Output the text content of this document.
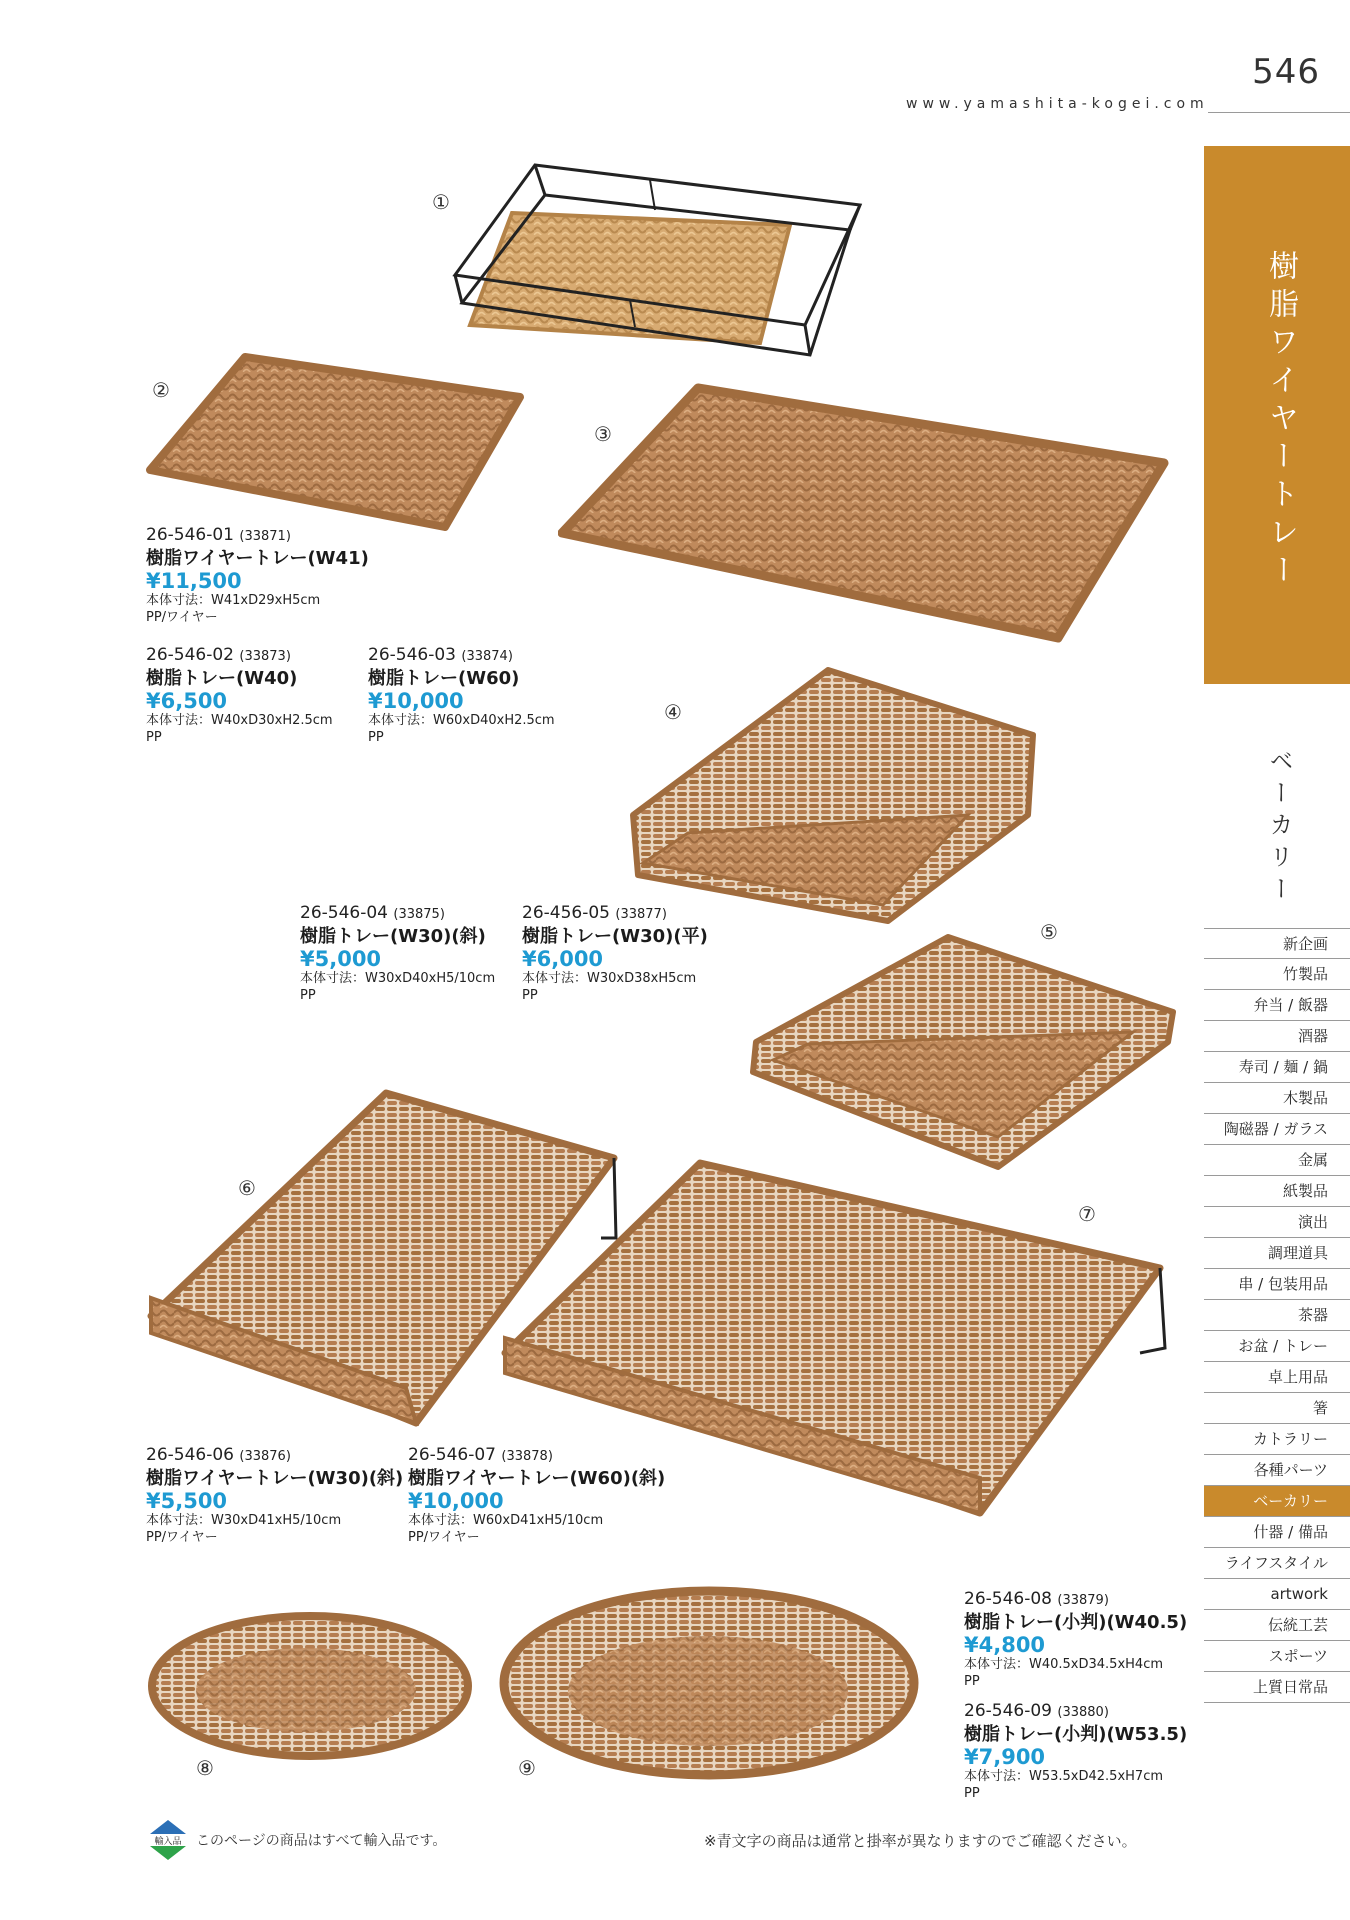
546
www.yamashita-kogei.com
樹脂ワイヤートレー
ベーカリー
新企画
竹製品
弁当 / 飯器
酒器
寿司 / 麺 / 鍋
木製品
陶磁器 / ガラス
金属
紙製品
演出
調理道具
串 / 包装用品
茶器
お盆 / トレー
卓上用品
箸
カトラリー
各種パーツ
ベーカリー
什器 / 備品
ライフスタイル
artwork
伝統工芸
スポーツ
上質日常品
①
②
③
④
⑤
⑥
⑦
⑧	⑨
26-546-01 (33871)
樹脂ワイヤートレー(W41)
¥11,500
本体寸法：W41xD29xH5cm
PP/ワイヤー
26-546-02 (33873)
樹脂トレー(W40)
¥6,500
本体寸法：W40xD30xH2.5cm
PP
26-546-03 (33874)
樹脂トレー(W60)
¥10,000
本体寸法：W60xD40xH2.5cm
PP
26-546-04 (33875)
樹脂トレー(W30)(斜)
¥5,000
本体寸法：W30xD40xH5/10cm
PP
26-456-05 (33877)
樹脂トレー(W30)(平)
¥6,000
本体寸法：W30xD38xH5cm
PP
26-546-06 (33876)
樹脂ワイヤートレー(W30)(斜)
¥5,500
本体寸法：W30xD41xH5/10cm
PP/ワイヤー
26-546-07 (33878)
樹脂ワイヤートレー(W60)(斜)
¥10,000
本体寸法：W60xD41xH5/10cm
PP/ワイヤー
26-546-08 (33879)
樹脂トレー(小判)(W40.5)
¥4,800
本体寸法：W40.5xD34.5xH4cm
PP
26-546-09 (33880)
樹脂トレー(小判)(W53.5)
¥7,900
本体寸法：W53.5xD42.5xH7cm
PP
輸入品 このページの商品はすべて輸入品です。	※青文字の商品は通常と掛率が異なりますのでご確認ください。
